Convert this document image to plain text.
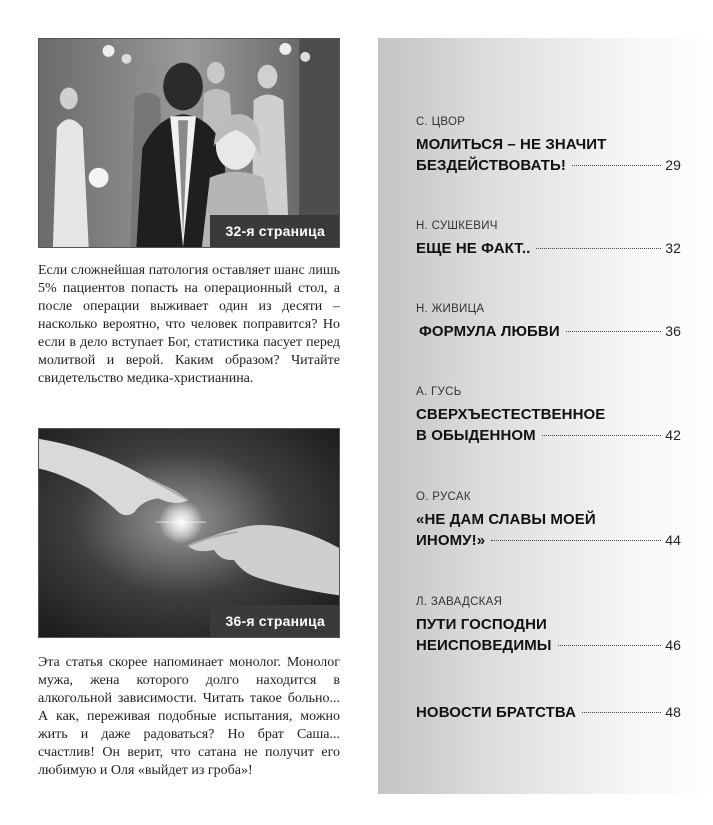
32-я страница

Если сложнейшая патология оставляет шанс лишь 5% пациентов попасть на операционный стол, а после операции выживает один из десяти – насколько вероятно, что человек поправится? Но если в дело вступает Бог, статистика пасует перед молитвой и верой. Каким образом? Читайте свидетельство медика-христианина.

36-я страница

Эта статья скорее напоминает монолог. Монолог мужа, жена которого долго находится в алкогольной зависимости. Читать такое больно... А как, переживая подобные испытания, можно жить и даже радоваться? Но брат Саша... счастлив! Он верит, что сатана не получит его любимую и Оля «выйдет из гроба»!

С. ЦВОР
МОЛИТЬСЯ – НЕ ЗНАЧИТ
БЕЗДЕЙСТВОВАТЬ!	29
Н. СУШКЕВИЧ
ЕЩЕ НЕ ФАКТ..	32
Н. ЖИВИЦА
ФОРМУЛА ЛЮБВИ	36
А. ГУСЬ
СВЕРХЪЕСТЕСТВЕННОЕ
В ОБЫДЕННОМ	42
О. РУСАК
«НЕ ДАМ СЛАВЫ МОЕЙ
ИНОМУ!»	44
Л. ЗАВАДСКАЯ
ПУТИ ГОСПОДНИ
НЕИСПОВЕДИМЫ	46
НОВОСТИ БРАТСТВА	48
